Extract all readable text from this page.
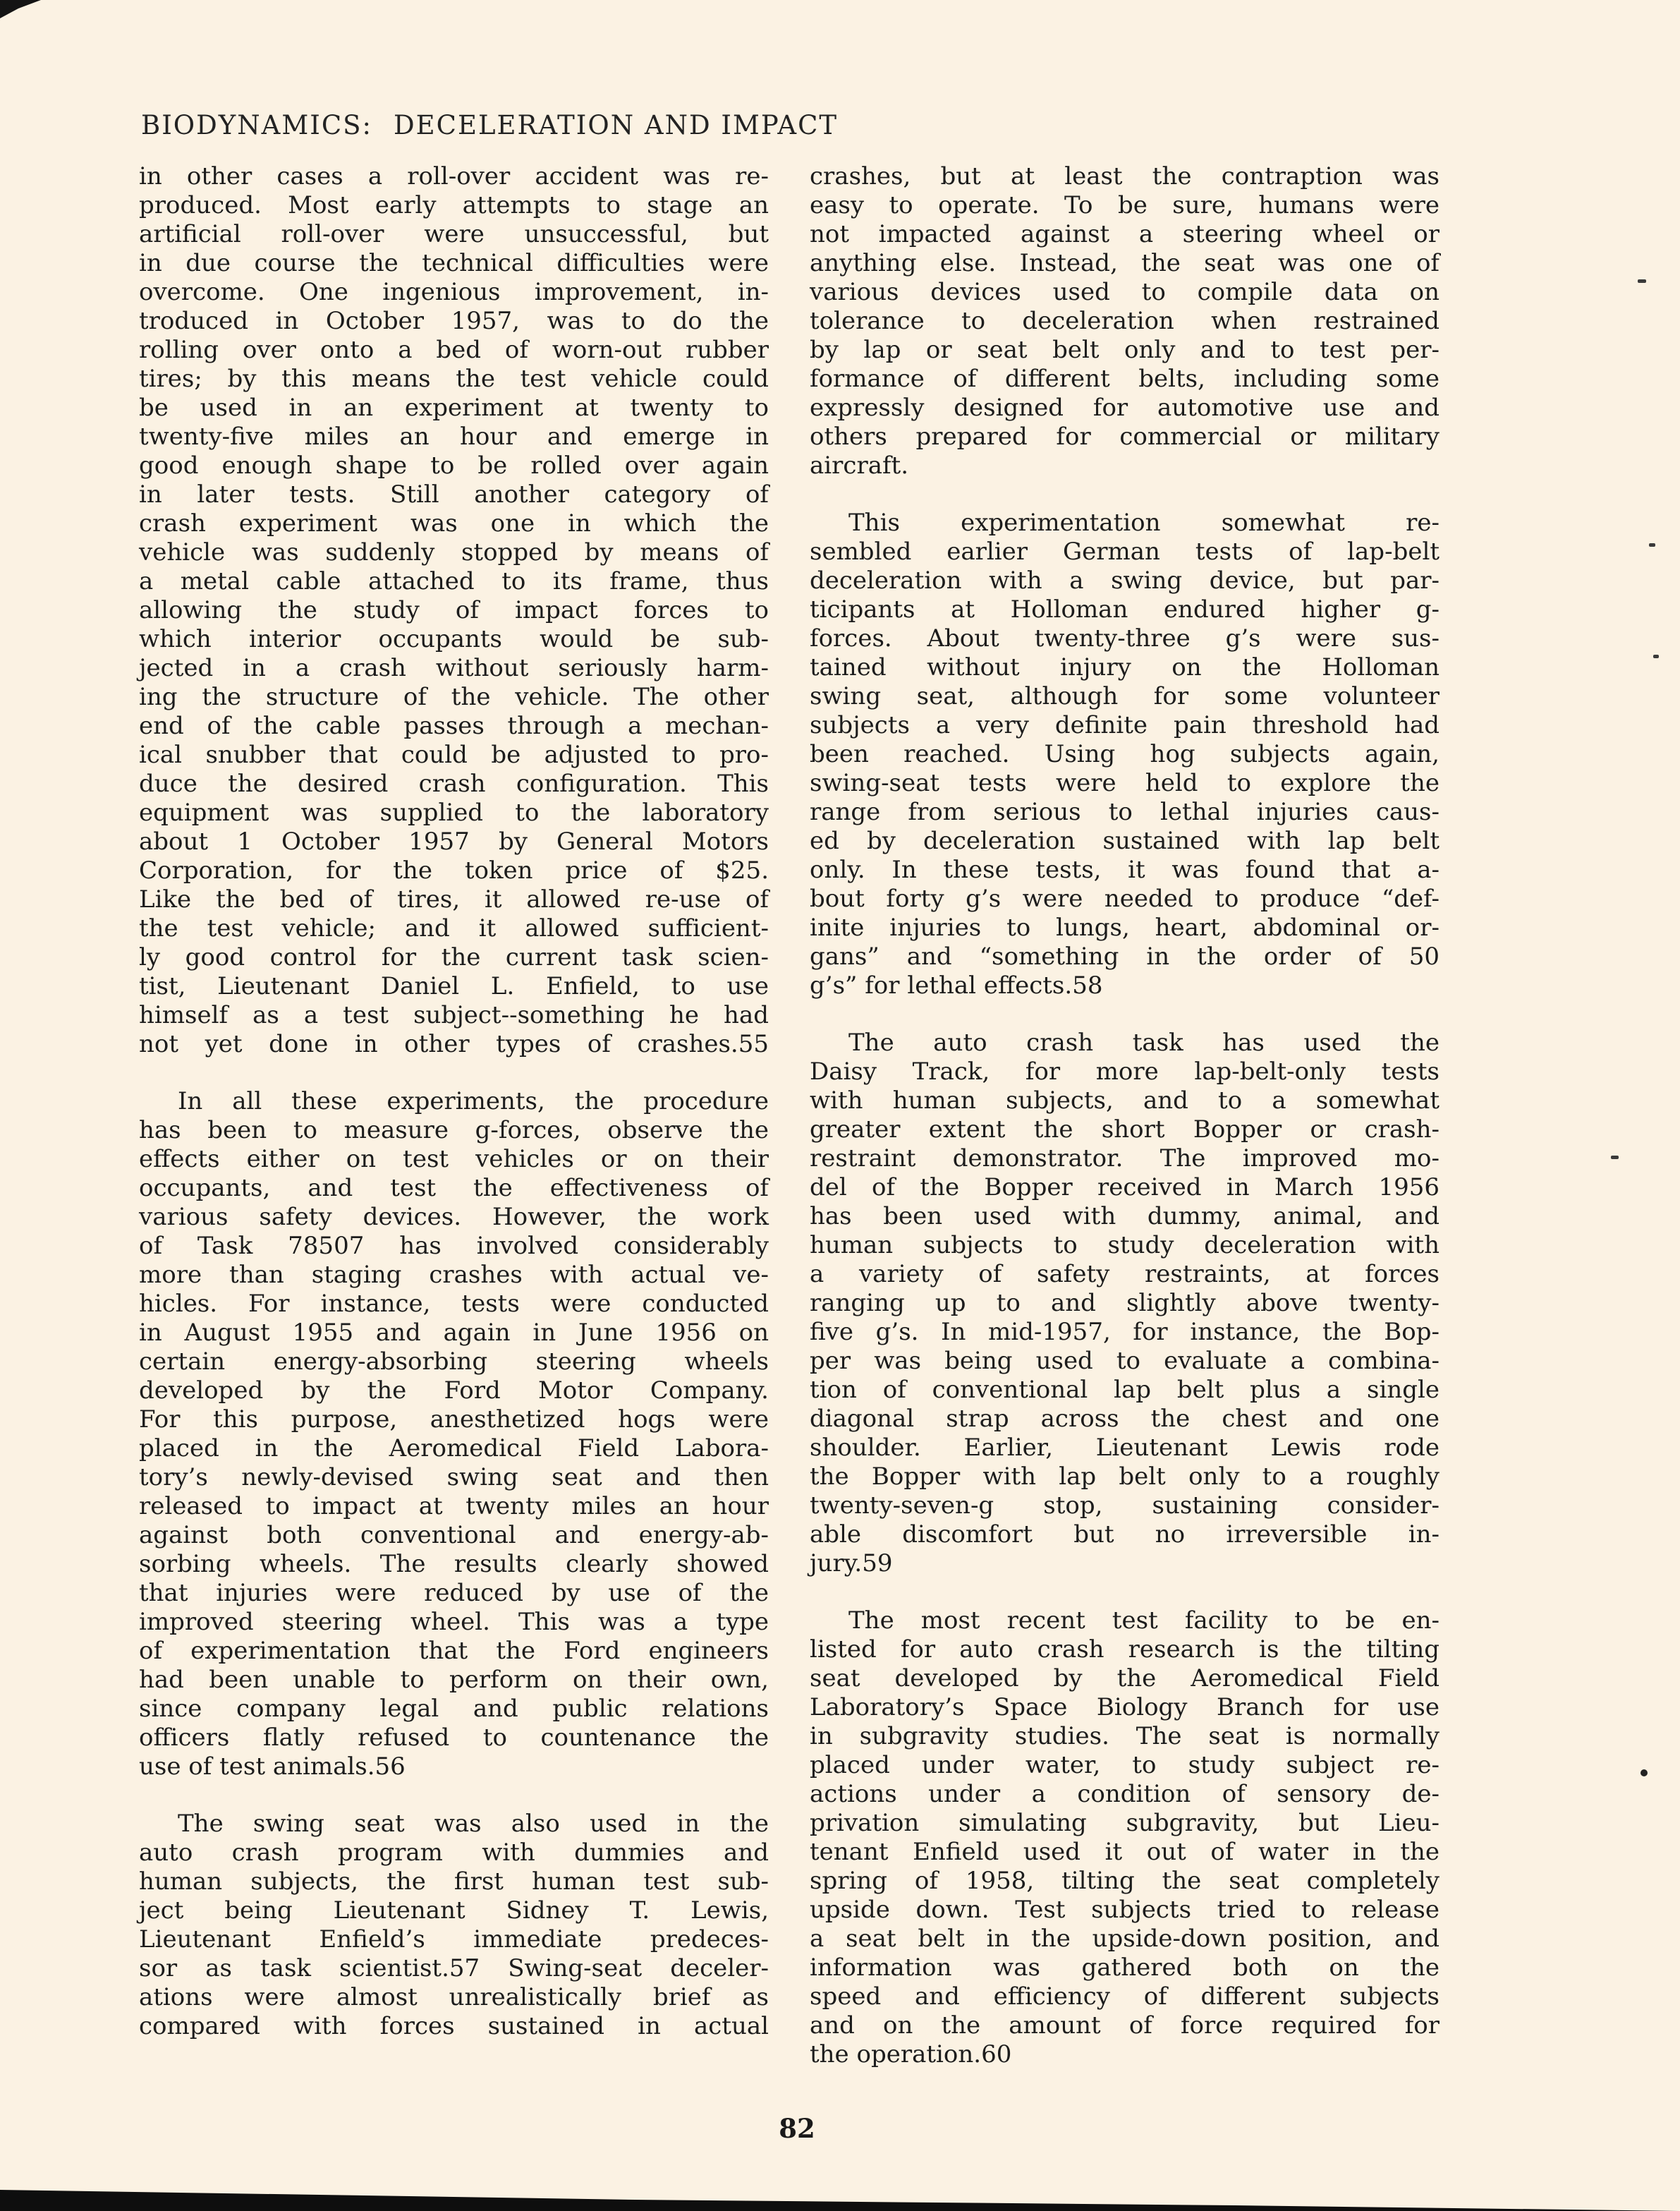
BIODYNAMICS: DECELERATION AND IMPACT
in other cases a roll-over accident was re-
produced. Most early attempts to stage an
artificial roll-over were unsuccessful, but
in due course the technical difficulties were
overcome. One ingenious improvement, in-
troduced in October 1957, was to do the
rolling over onto a bed of worn-out rubber
tires; by this means the test vehicle could
be used in an experiment at twenty to
twenty-five miles an hour and emerge in
good enough shape to be rolled over again
in later tests. Still another category of
crash experiment was one in which the
vehicle was suddenly stopped by means of
a metal cable attached to its frame, thus
allowing the study of impact forces to
which interior occupants would be sub-
jected in a crash without seriously harm-
ing the structure of the vehicle. The other
end of the cable passes through a mechan-
ical snubber that could be adjusted to pro-
duce the desired crash configuration. This
equipment was supplied to the laboratory
about 1 October 1957 by General Motors
Corporation, for the token price of $25.
Like the bed of tires, it allowed re-use of
the test vehicle; and it allowed sufficient-
ly good control for the current task scien-
tist, Lieutenant Daniel L. Enfield, to use
himself as a test subject--something he had
not yet done in other types of crashes.55
In all these experiments, the procedure
has been to measure g-forces, observe the
effects either on test vehicles or on their
occupants, and test the effectiveness of
various safety devices. However, the work
of Task 78507 has involved considerably
more than staging crashes with actual ve-
hicles. For instance, tests were conducted
in August 1955 and again in June 1956 on
certain energy-absorbing steering wheels
developed by the Ford Motor Company.
For this purpose, anesthetized hogs were
placed in the Aeromedical Field Labora-
tory’s newly-devised swing seat and then
released to impact at twenty miles an hour
against both conventional and energy-ab-
sorbing wheels. The results clearly showed
that injuries were reduced by use of the
improved steering wheel. This was a type
of experimentation that the Ford engineers
had been unable to perform on their own,
since company legal and public relations
officers flatly refused to countenance the
use of test animals.56
The swing seat was also used in the
auto crash program with dummies and
human subjects, the first human test sub-
ject being Lieutenant Sidney T. Lewis,
Lieutenant Enfield’s immediate predeces-
sor as task scientist.57 Swing-seat deceler-
ations were almost unrealistically brief as
compared with forces sustained in actual
crashes, but at least the contraption was
easy to operate. To be sure, humans were
not impacted against a steering wheel or
anything else. Instead, the seat was one of
various devices used to compile data on
tolerance to deceleration when restrained
by lap or seat belt only and to test per-
formance of different belts, including some
expressly designed for automotive use and
others prepared for commercial or military
aircraft.
This experimentation somewhat re-
sembled earlier German tests of lap-belt
deceleration with a swing device, but par-
ticipants at Holloman endured higher g-
forces. About twenty-three g’s were sus-
tained without injury on the Holloman
swing seat, although for some volunteer
subjects a very definite pain threshold had
been reached. Using hog subjects again,
swing-seat tests were held to explore the
range from serious to lethal injuries caus-
ed by deceleration sustained with lap belt
only. In these tests, it was found that a-
bout forty g’s were needed to produce “def-
inite injuries to lungs, heart, abdominal or-
gans” and “something in the order of 50
g’s” for lethal effects.58
The auto crash task has used the
Daisy Track, for more lap-belt-only tests
with human subjects, and to a somewhat
greater extent the short Bopper or crash-
restraint demonstrator. The improved mo-
del of the Bopper received in March 1956
has been used with dummy, animal, and
human subjects to study deceleration with
a variety of safety restraints, at forces
ranging up to and slightly above twenty-
five g’s. In mid-1957, for instance, the Bop-
per was being used to evaluate a combina-
tion of conventional lap belt plus a single
diagonal strap across the chest and one
shoulder. Earlier, Lieutenant Lewis rode
the Bopper with lap belt only to a roughly
twenty-seven-g stop, sustaining consider-
able discomfort but no irreversible in-
jury.59
The most recent test facility to be en-
listed for auto crash research is the tilting
seat developed by the Aeromedical Field
Laboratory’s Space Biology Branch for use
in subgravity studies. The seat is normally
placed under water, to study subject re-
actions under a condition of sensory de-
privation simulating subgravity, but Lieu-
tenant Enfield used it out of water in the
spring of 1958, tilting the seat completely
upside down. Test subjects tried to release
a seat belt in the upside-down position, and
information was gathered both on the
speed and efficiency of different subjects
and on the amount of force required for
the operation.60
82
